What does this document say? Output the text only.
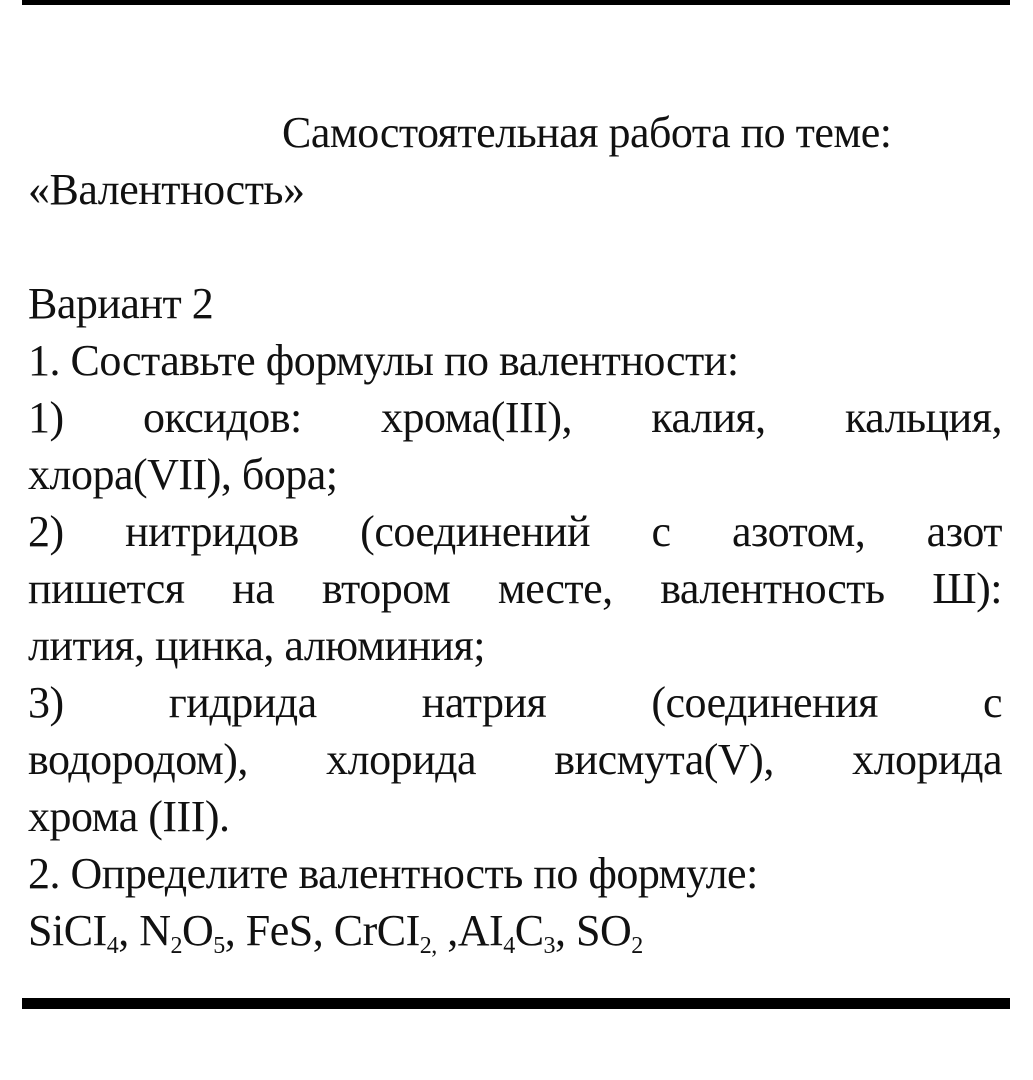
Самостоятельная работа по теме:
«Валентность»
Вариант 2
1. Составьте формулы по валентности:
1) оксидов: хрома(III), калия, кальция,
хлора(VII), бора;
2) нитридов (соединений с азотом, азот
пишется на втором месте, валентность Ш):
лития, цинка, алюминия;
3) гидрида натрия (соединения с
водородом), хлорида висмута(V), хлорида
хрома (III).
2. Определите валентность по формуле:
SiCI$_4$, $N_2O_5$, FeS, CrCI$_{2,}$ $,AI_4C_3$, $SO_2$
